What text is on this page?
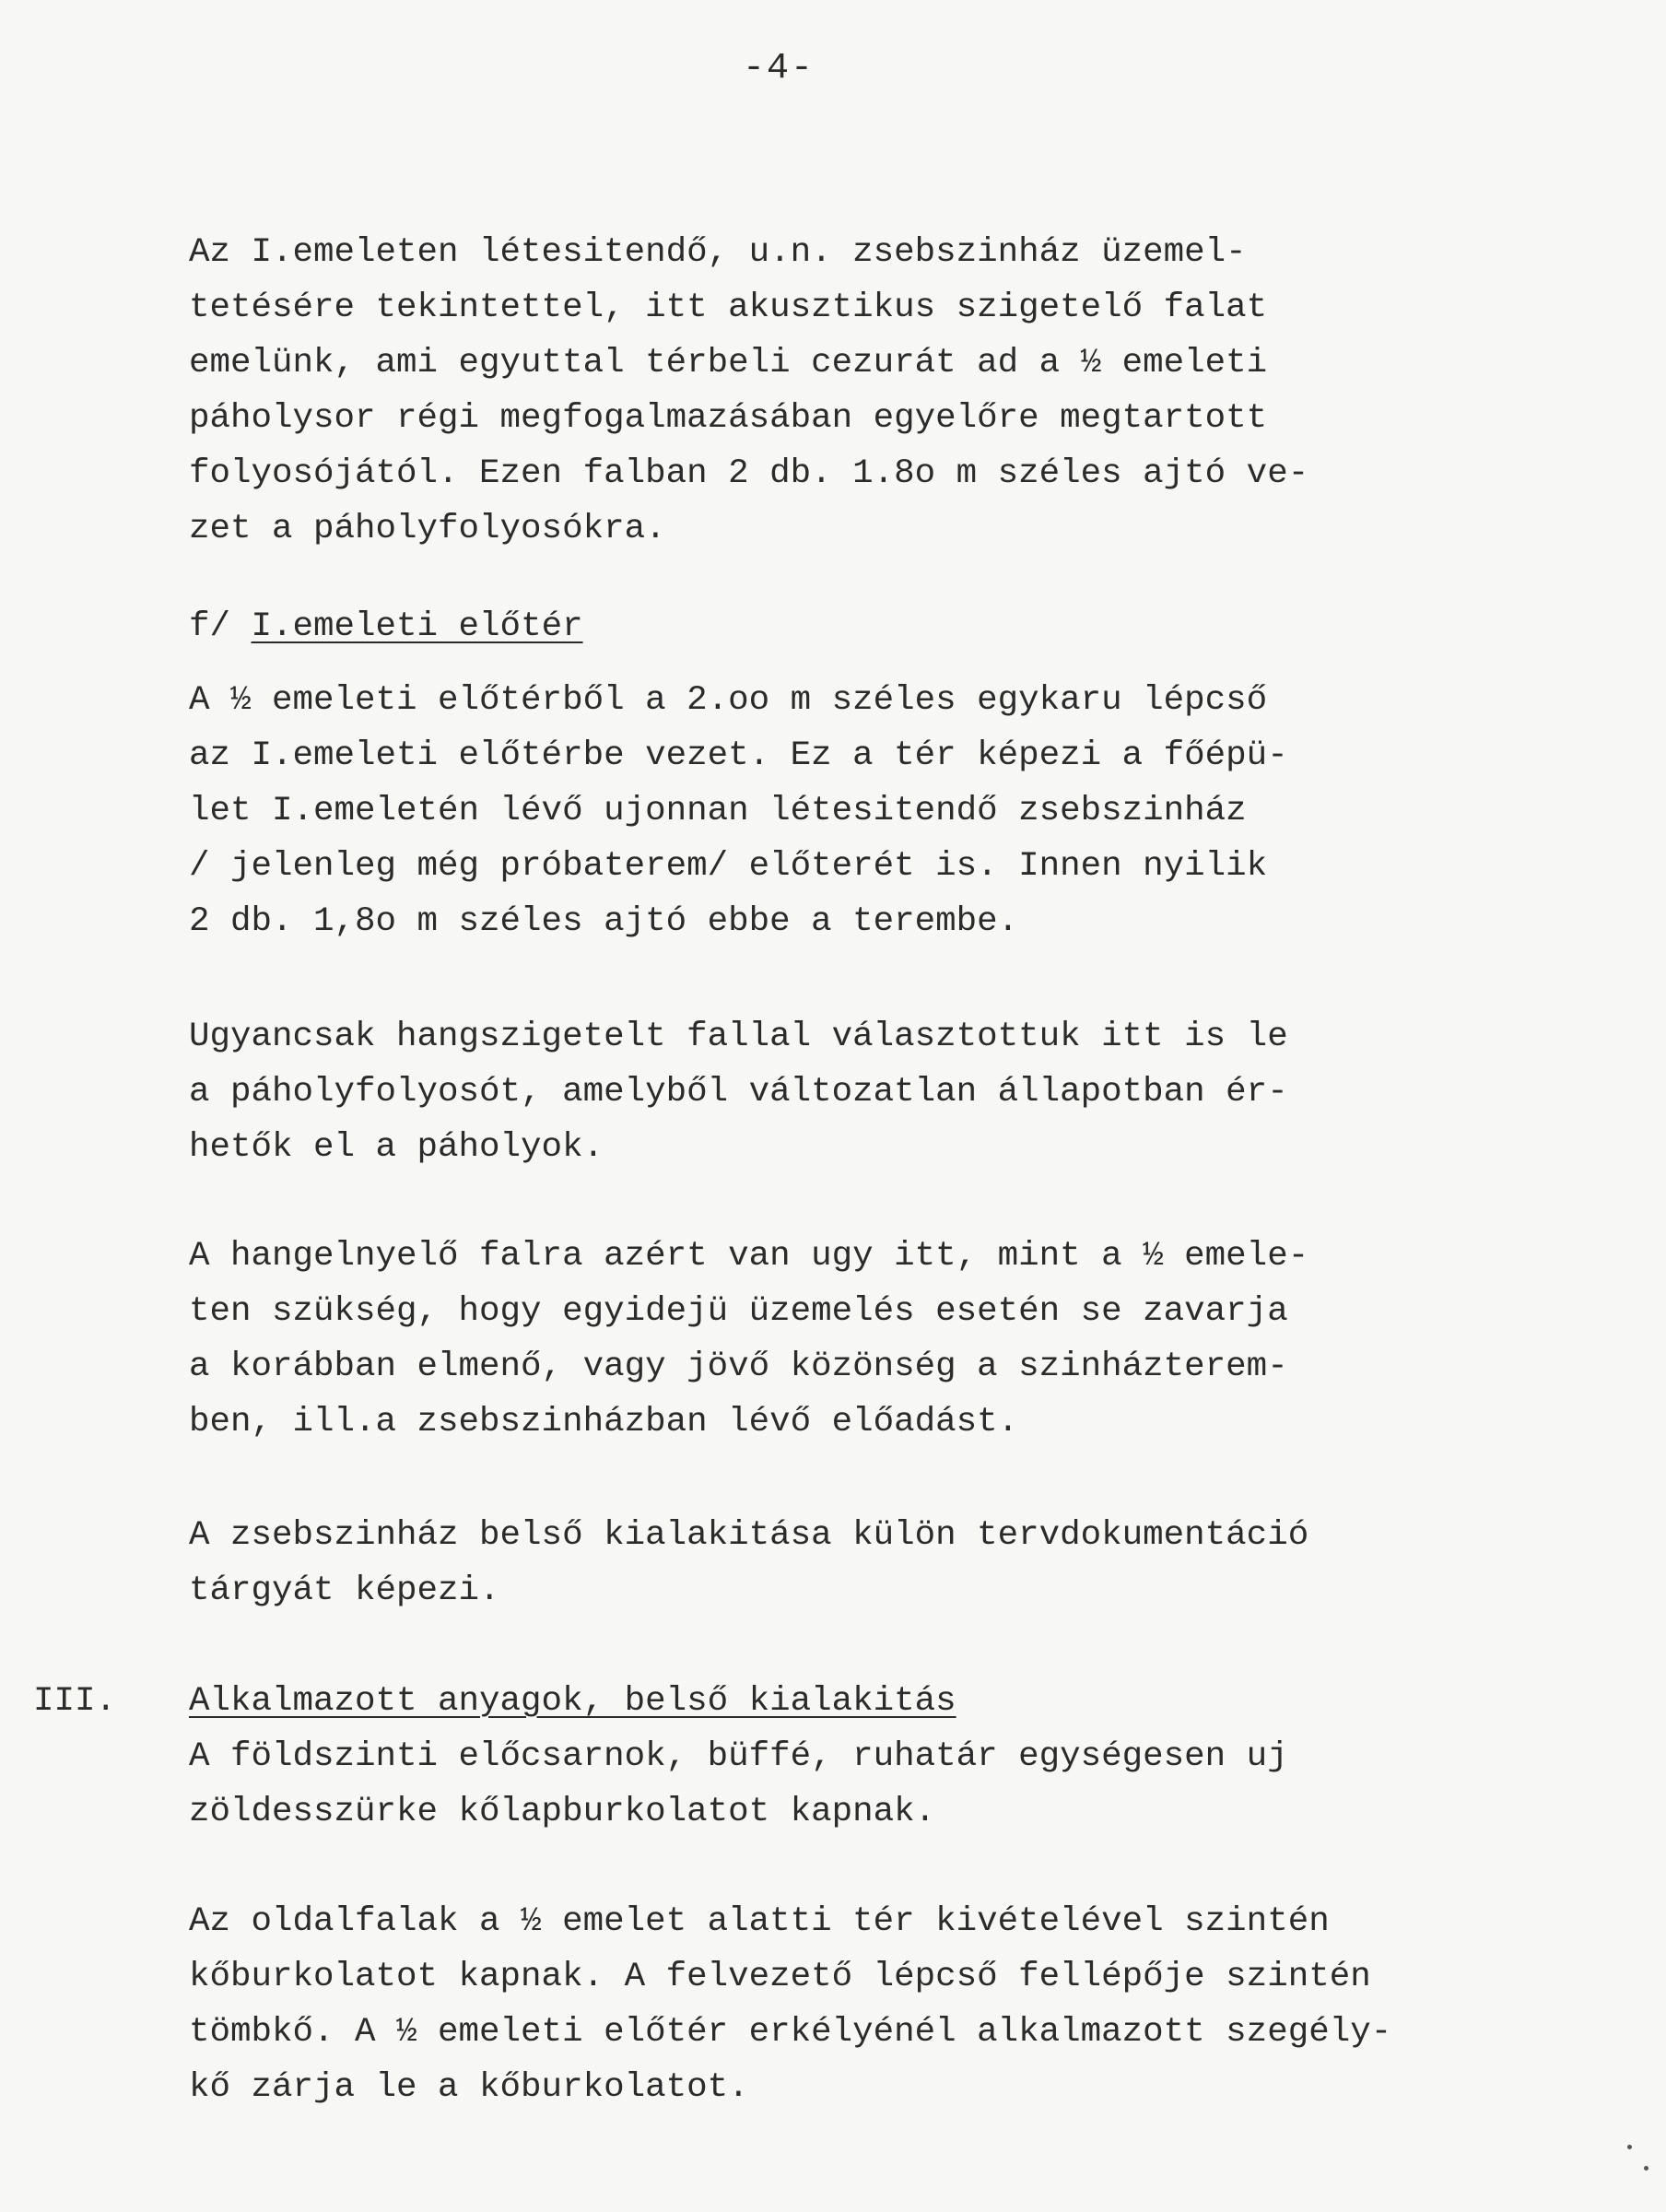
-4-
Az I.emeleten létesitendő, u.n. zsebszinház üzemel-
tetésére tekintettel, itt akusztikus szigetelő falat
emelünk, ami egyuttal térbeli cezurát ad a ½ emeleti
páholysor régi megfogalmazásában egyelőre megtartott
folyosójától. Ezen falban 2 db. 1.8o m széles ajtó ve-
zet a páholyfolyosókra.
f/ I.emeleti előtér
A ½ emeleti előtérből a 2.oo m széles egykaru lépcső
az I.emeleti előtérbe vezet. Ez a tér képezi a főépü-
let I.emeletén lévő ujonnan létesitendő zsebszinház
/ jelenleg még próbaterem/ előterét is. Innen nyilik
2 db. 1,8o m széles ajtó ebbe a terembe.
Ugyancsak hangszigetelt fallal választottuk itt is le
a páholyfolyosót, amelyből változatlan állapotban ér-
hetők el a páholyok.
A hangelnyelő falra azért van ugy itt, mint a ½ emele-
ten szükség, hogy egyidejü üzemelés esetén se zavarja
a korábban elmenő, vagy jövő közönség a szinházterem-
ben, ill.a zsebszinházban lévő előadást.
A zsebszinház belső kialakitása külön tervdokumentáció
tárgyát képezi.
III. Alkalmazott anyagok, belső kialakitás
A földszinti előcsarnok, büffé, ruhatár egységesen uj
zöldesszürke kőlapburkolatot kapnak.
Az oldalfalak a ½ emelet alatti tér kivételével szintén
kőburkolatot kapnak. A felvezető lépcső fellépője szintén
tömbkő. A ½ emeleti előtér erkélyénél alkalmazott szegély-
kő zárja le a kőburkolatot.
